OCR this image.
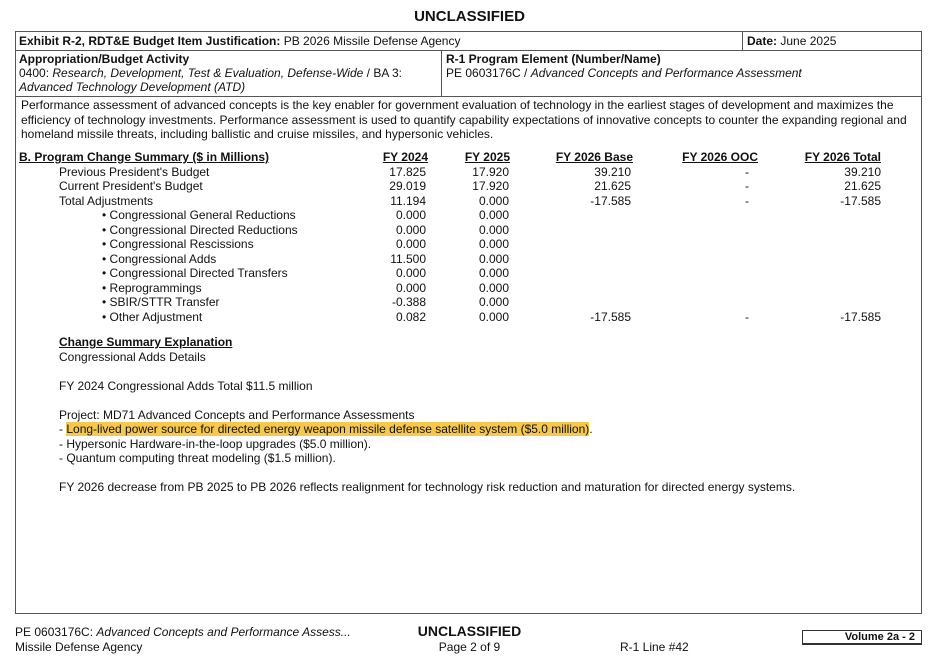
UNCLASSIFIED
Exhibit R-2, RDT&E Budget Item Justification: PB 2026 Missile Defense Agency	Date: June 2025
Appropriation/Budget Activity
0400: Research, Development, Test & Evaluation, Defense-Wide / BA 3:
Advanced Technology Development (ATD)
R-1 Program Element (Number/Name)
PE 0603176C / Advanced Concepts and Performance Assessment
Performance assessment of advanced concepts is the key enabler for government evaluation of technology in the earliest stages of development and maximizes the efficiency of technology investments. Performance assessment is used to quantify capability expectations of innovative concepts to counter the expanding regional and homeland missile threats, including ballistic and cruise missiles, and hypersonic vehicles.
B. Program Change Summary ($ in Millions)	FY 2024	FY 2025	FY 2026 Base	FY 2026 OOC	FY 2026 Total
Previous President's Budget	17.825	17.920	39.210	-	39.210
Current President's Budget	29.019	17.920	21.625	-	21.625
Total Adjustments	11.194	0.000	-17.585	-	-17.585
• Congressional General Reductions	0.000	0.000
• Congressional Directed Reductions	0.000	0.000
• Congressional Rescissions	0.000	0.000
• Congressional Adds	11.500	0.000
• Congressional Directed Transfers	0.000	0.000
• Reprogrammings	0.000	0.000
• SBIR/STTR Transfer	-0.388	0.000
• Other Adjustment	0.082	0.000	-17.585	-	-17.585
Change Summary Explanation
Congressional Adds Details
FY 2024 Congressional Adds Total $11.5 million
Project: MD71 Advanced Concepts and Performance Assessments
- Long-lived power source for directed energy weapon missile defense satellite system ($5.0 million).
- Hypersonic Hardware-in-the-loop upgrades ($5.0 million).
- Quantum computing threat modeling ($1.5 million).
FY 2026 decrease from PB 2025 to PB 2026 reflects realignment for technology risk reduction and maturation for directed energy systems.
PE 0603176C: Advanced Concepts and Performance Assess...
Missile Defense Agency
UNCLASSIFIED
Page 2 of 9	R-1 Line #42
Volume 2a - 2
